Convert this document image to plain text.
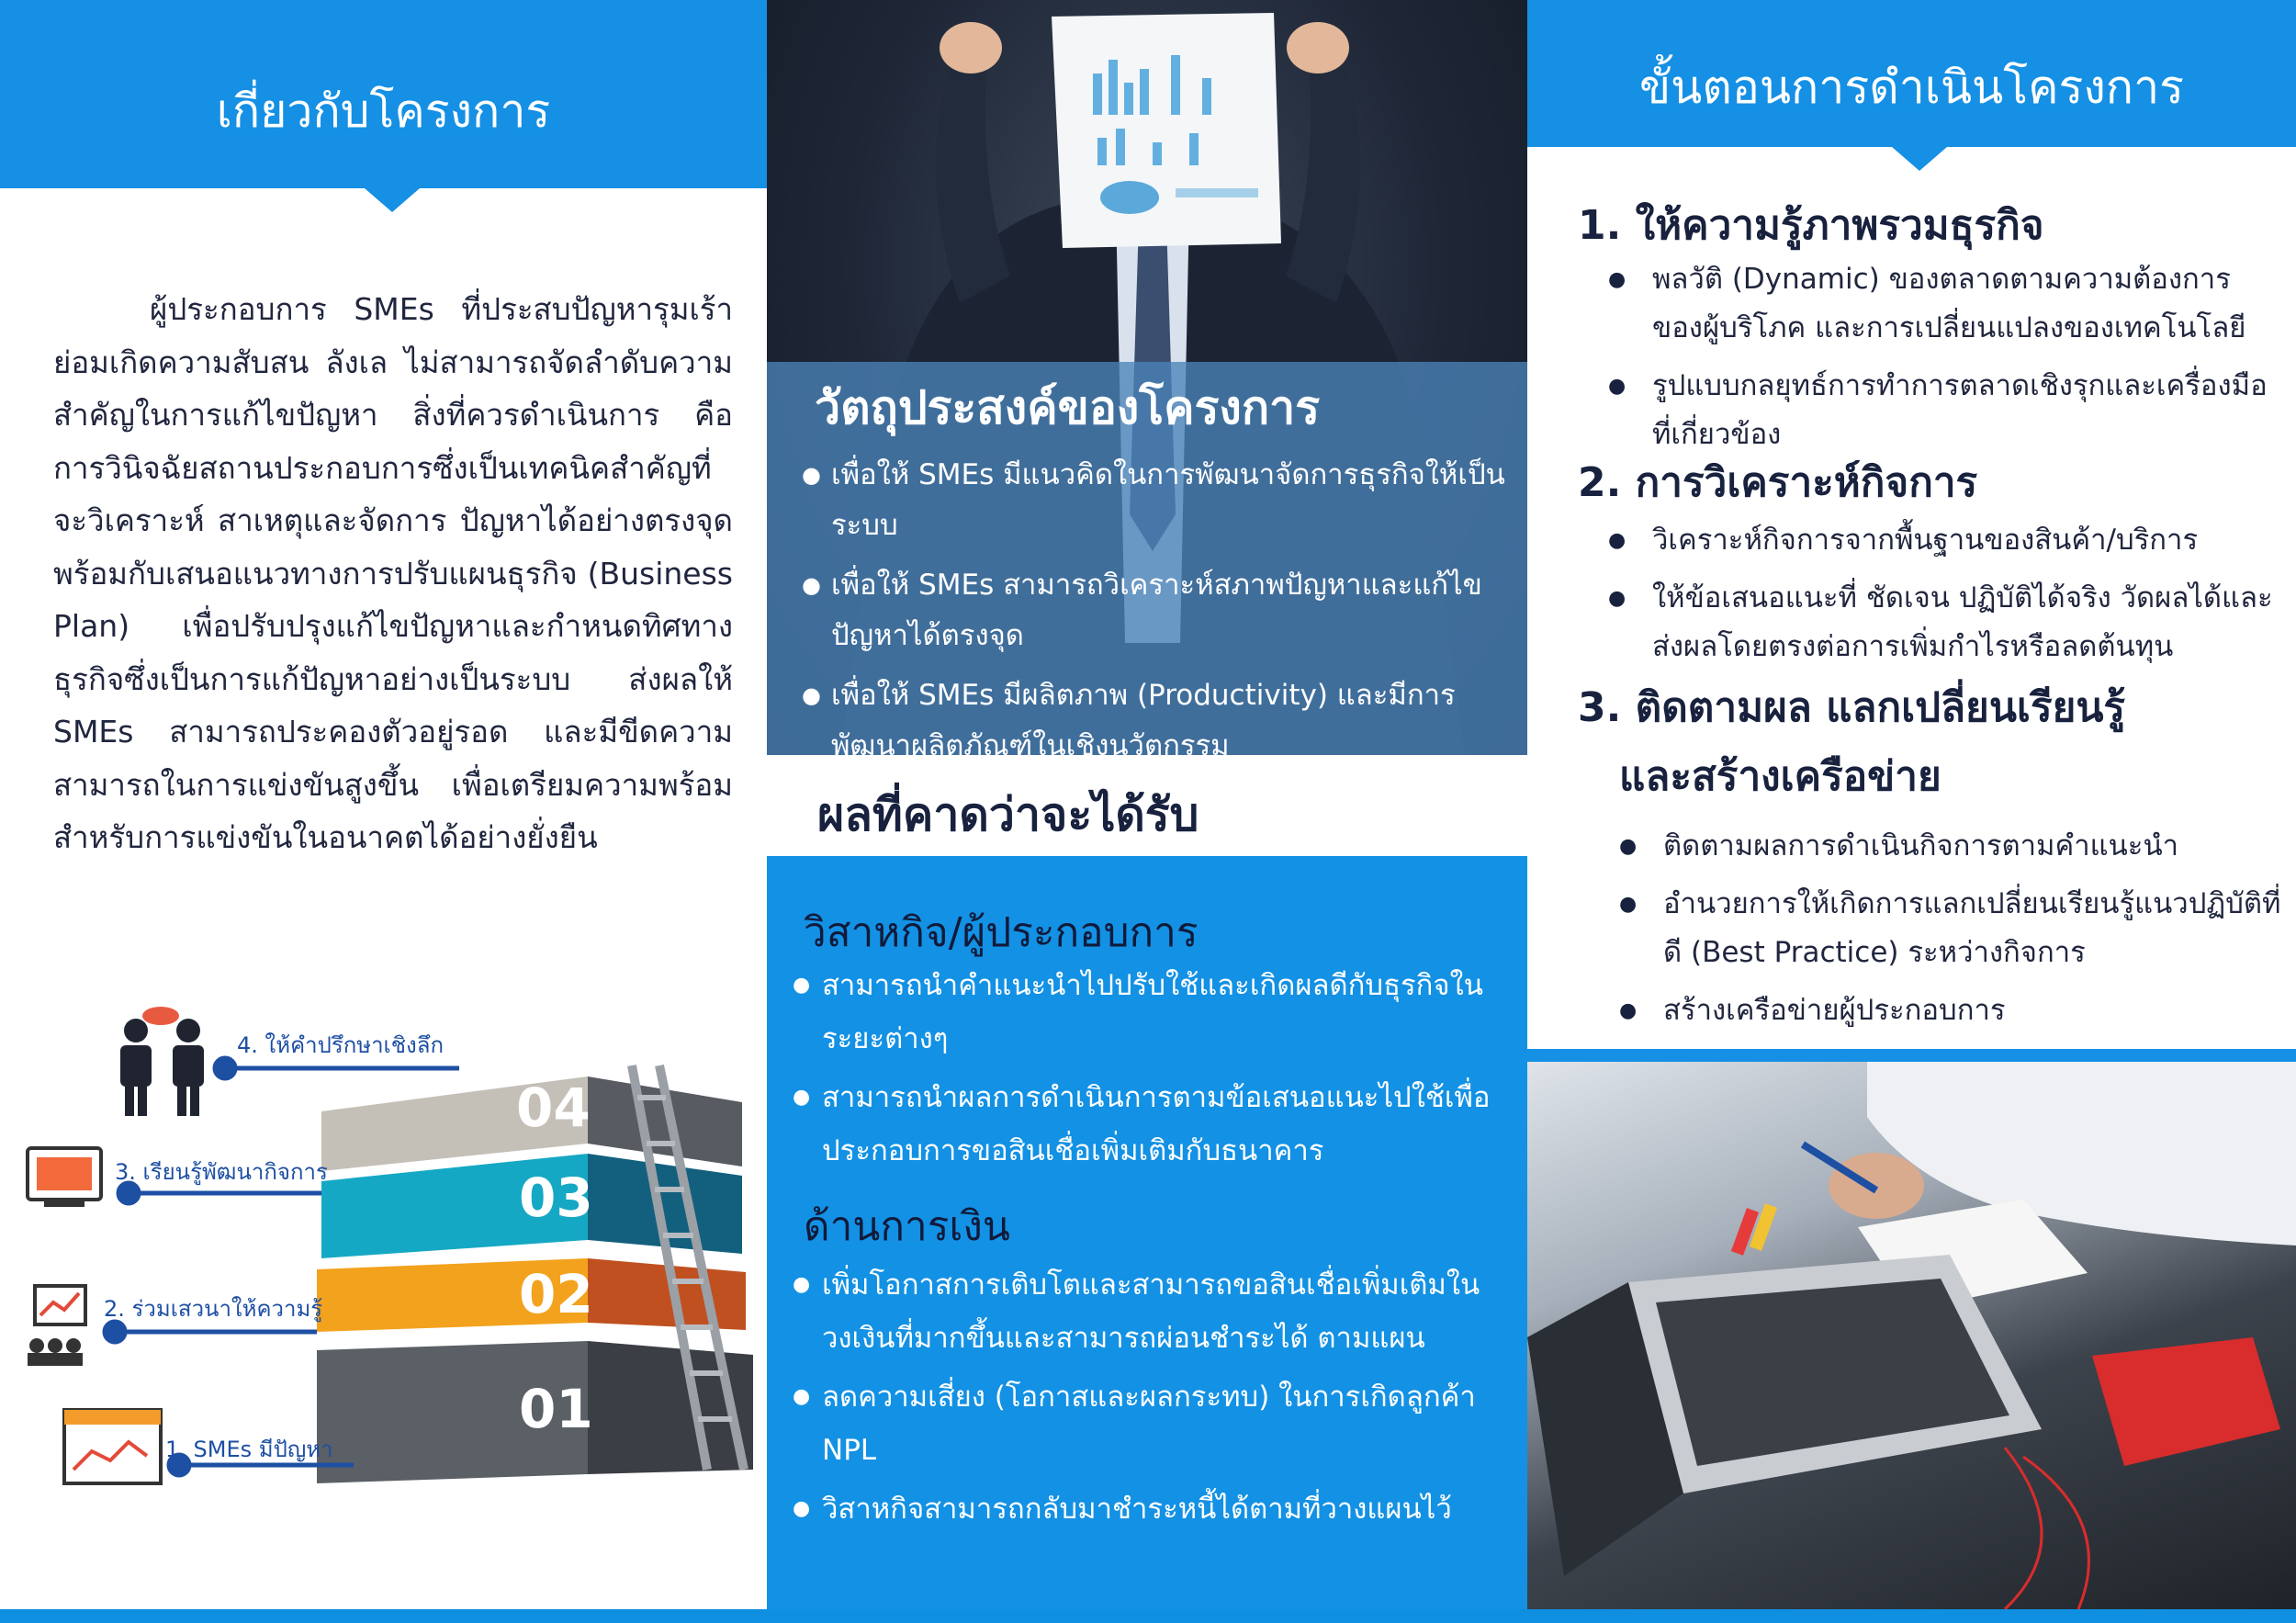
เกี่ยวกับโครงการ

ผู้ประกอบการ SMEs ที่ประสบปัญหารุมเร้า ย่อมเกิดความสับสน ลังเล ไม่สามารถจัดลำดับความสำคัญในการแก้ไขปัญหา สิ่งที่ควรดำเนินการ คือ การวินิจฉัยสถานประกอบการซึ่งเป็นเทคนิคสำคัญที่จะวิเคราะห์ สาเหตุและจัดการ ปัญหาได้อย่างตรงจุด พร้อมกับเสนอแนวทางการปรับแผนธุรกิจ (Business Plan) เพื่อปรับปรุงแก้ไขปัญหาและกำหนดทิศทางธุรกิจซึ่งเป็นการแก้ปัญหาอย่างเป็นระบบ ส่งผลให้ SMEs สามารถประคองตัวอยู่รอด และมีขีดความสามารถในการแข่งขันสูงขึ้น เพื่อเตรียมความพร้อมสำหรับการแข่งขันในอนาคตได้อย่างยั่งยืน

04
03
02
01
4. ให้คำปรึกษาเชิงลึก
3. เรียนรู้พัฒนากิจการ
2. ร่วมเสวนาให้ความรู้
1. SMEs มีปัญหา
วัตถุประสงค์ของโครงการ
● เพื่อให้ SMEs มีแนวคิดในการพัฒนาจัดการธุรกิจให้เป็นระบบ
● เพื่อให้ SMEs สามารถวิเคราะห์สภาพปัญหาและแก้ไขปัญหาได้ตรงจุด
● เพื่อให้ SMEs มีผลิตภาพ (Productivity) และมีการพัฒนาผลิตภัณฑ์ในเชิงนวัตกรรม
ผลที่คาดว่าจะได้รับ
วิสาหกิจ/ผู้ประกอบการ
● สามารถนำคำแนะนำไปปรับใช้และเกิดผลดีกับธุรกิจในระยะต่างๆ
● สามารถนำผลการดำเนินการตามข้อเสนอแนะไปใช้เพื่อประกอบการขอสินเชื่อเพิ่มเติมกับธนาคาร
ด้านการเงิน
● เพิ่มโอกาสการเติบโตและสามารถขอสินเชื่อเพิ่มเติมในวงเงินที่มากขึ้นและสามารถผ่อนชำระได้ ตามแผน
● ลดความเสี่ยง (โอกาสและผลกระทบ) ในการเกิดลูกค้า NPL
● วิสาหกิจสามารถกลับมาชำระหนี้ได้ตามที่วางแผนไว้
ขั้นตอนการดำเนินโครงการ
1. ให้ความรู้ภาพรวมธุรกิจ
● พลวัติ (Dynamic) ของตลาดตามความต้องการของผู้บริโภค และการเปลี่ยนแปลงของเทคโนโลยี
● รูปแบบกลยุทธ์การทำการตลาดเชิงรุกและเครื่องมือที่เกี่ยวข้อง
2. การวิเคราะห์กิจการ
● วิเคราะห์กิจการจากพื้นฐานของสินค้า/บริการ
● ให้ข้อเสนอแนะที่ ชัดเจน ปฏิบัติได้จริง วัดผลได้และส่งผลโดยตรงต่อการเพิ่มกำไรหรือลดต้นทุน
3. ติดตามผล แลกเปลี่ยนเรียนรู้
และสร้างเครือข่าย
● ติดตามผลการดำเนินกิจการตามคำแนะนำ
● อำนวยการให้เกิดการแลกเปลี่ยนเรียนรู้แนวปฏิบัติที่ดี (Best Practice) ระหว่างกิจการ
● สร้างเครือข่ายผู้ประกอบการ
